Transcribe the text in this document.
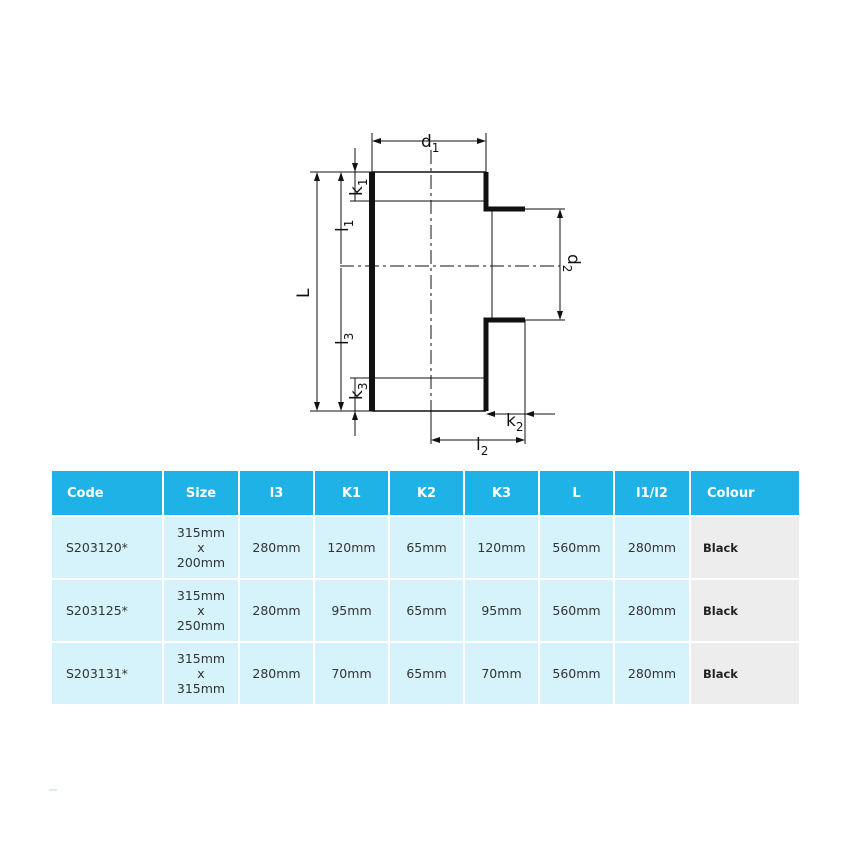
$d_1$
$d_2$
L
$k_1$
$l_1$
$l_3$
$k_3$
$k_2$
$l_2$
Code	Size	l3	K1	K2	K3	L	l1/l2	Colour
S203120*	315mm
x
200mm	280mm	120mm	65mm	120mm	560mm	280mm	Black
S203125*	315mm
x
250mm	280mm	95mm	65mm	95mm	560mm	280mm	Black
S203131*	315mm
x
315mm	280mm	70mm	65mm	70mm	560mm	280mm	Black
